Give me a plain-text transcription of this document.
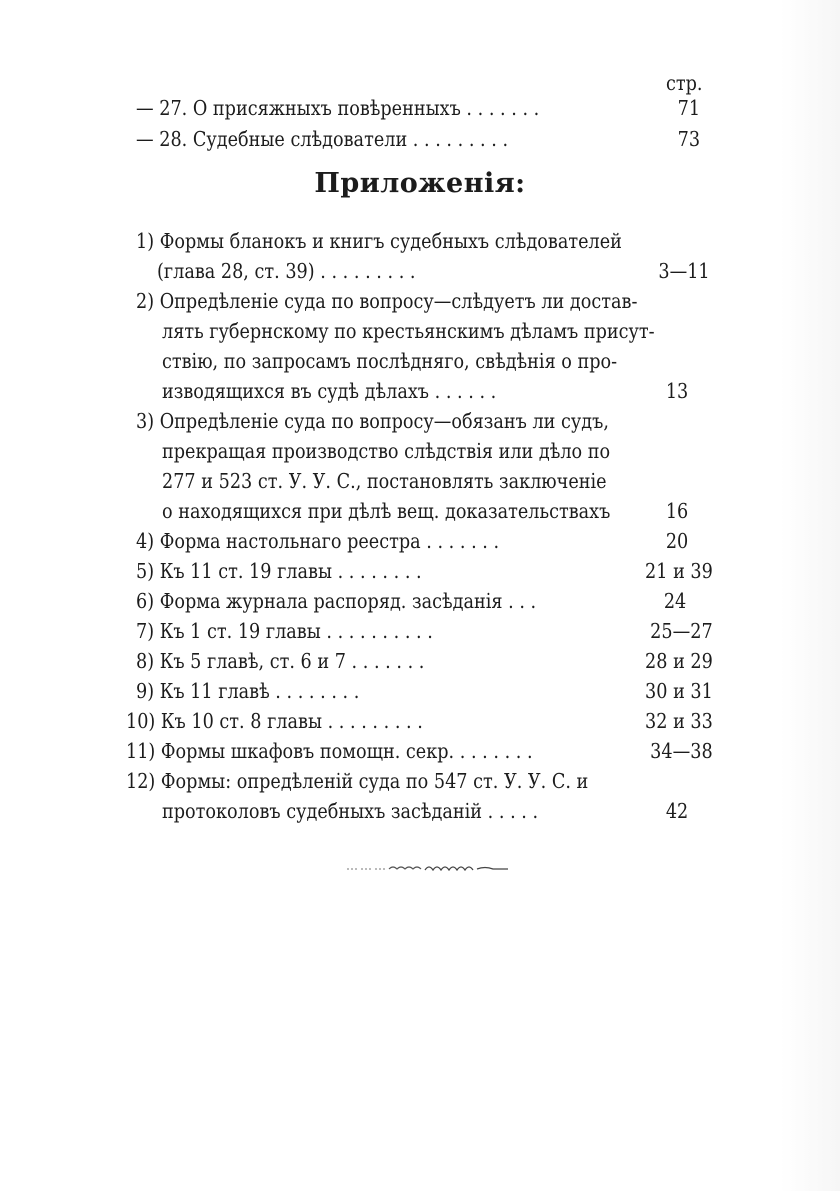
стр.
— 27. О присяжныхъ повѣренныхъ . . . . . . .	71
— 28. Судебные слѣдователи . . . . . . . . .	73
Приложенія:
1) Формы бланокъ и книгъ судебныхъ слѣдователей
(глава 28, ст. 39) . . . . . . . . .	3—11
2) Опредѣленіе суда по вопросу—слѣдуетъ ли достав-
лять губернскому по крестьянскимъ дѣламъ присут-
ствію, по запросамъ послѣдняго, свѣдѣнія о про-
изводящихся въ судѣ дѣлахъ . . . . . .	13
3) Опредѣленіе суда по вопросу—обязанъ ли судъ,
прекращая производство слѣдствія или дѣло по
277 и 523 ст. У. У. С., постановлять заключеніе
о находящихся при дѣлѣ вещ. доказательствахъ	16
4) Форма настольнаго реестра . . . . . . .	20
5) Къ 11 ст. 19 главы . . . . . . . .	21 и 39
6) Форма журнала распоряд. засѣданія . . .	24
7) Къ 1 ст. 19 главы . . . . . . . . . .	25—27
8) Къ 5 главѣ, ст. 6 и 7 . . . . . . .	28 и 29
9) Къ 11 главѣ . . . . . . . .	30 и 31
10) Къ 10 ст. 8 главы . . . . . . . . .	32 и 33
11) Формы шкафовъ помощн. секр. . . . . . . .	34—38
12) Формы: опредѣленій суда по 547 ст. У. У. С. и
протоколовъ судебныхъ засѣданій . . . . .	42
